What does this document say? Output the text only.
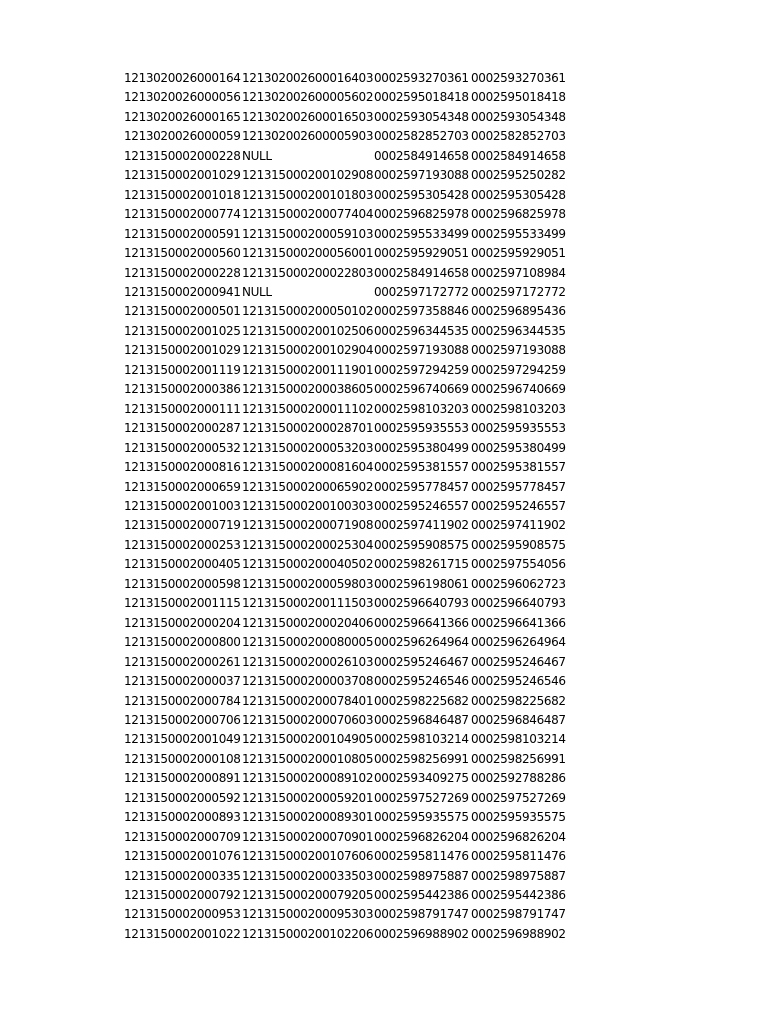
1213020026000164	121302002600016403	0002593270361	0002593270361
1213020026000056	121302002600005602	0002595018418	0002595018418
1213020026000165	121302002600016503	0002593054348	0002593054348
1213020026000059	121302002600005903	0002582852703	0002582852703
1213150002000228	NULL	0002584914658	0002584914658
1213150002001029	121315000200102908	0002597193088	0002595250282
1213150002001018	121315000200101803	0002595305428	0002595305428
1213150002000774	121315000200077404	0002596825978	0002596825978
1213150002000591	121315000200059103	0002595533499	0002595533499
1213150002000560	121315000200056001	0002595929051	0002595929051
1213150002000228	121315000200022803	0002584914658	0002597108984
1213150002000941	NULL	0002597172772	0002597172772
1213150002000501	121315000200050102	0002597358846	0002596895436
1213150002001025	121315000200102506	0002596344535	0002596344535
1213150002001029	121315000200102904	0002597193088	0002597193088
1213150002001119	121315000200111901	0002597294259	0002597294259
1213150002000386	121315000200038605	0002596740669	0002596740669
1213150002000111	121315000200011102	0002598103203	0002598103203
1213150002000287	121315000200028701	0002595935553	0002595935553
1213150002000532	121315000200053203	0002595380499	0002595380499
1213150002000816	121315000200081604	0002595381557	0002595381557
1213150002000659	121315000200065902	0002595778457	0002595778457
1213150002001003	121315000200100303	0002595246557	0002595246557
1213150002000719	121315000200071908	0002597411902	0002597411902
1213150002000253	121315000200025304	0002595908575	0002595908575
1213150002000405	121315000200040502	0002598261715	0002597554056
1213150002000598	121315000200059803	0002596198061	0002596062723
1213150002001115	121315000200111503	0002596640793	0002596640793
1213150002000204	121315000200020406	0002596641366	0002596641366
1213150002000800	121315000200080005	0002596264964	0002596264964
1213150002000261	121315000200026103	0002595246467	0002595246467
1213150002000037	121315000200003708	0002595246546	0002595246546
1213150002000784	121315000200078401	0002598225682	0002598225682
1213150002000706	121315000200070603	0002596846487	0002596846487
1213150002001049	121315000200104905	0002598103214	0002598103214
1213150002000108	121315000200010805	0002598256991	0002598256991
1213150002000891	121315000200089102	0002593409275	0002592788286
1213150002000592	121315000200059201	0002597527269	0002597527269
1213150002000893	121315000200089301	0002595935575	0002595935575
1213150002000709	121315000200070901	0002596826204	0002596826204
1213150002001076	121315000200107606	0002595811476	0002595811476
1213150002000335	121315000200033503	0002598975887	0002598975887
1213150002000792	121315000200079205	0002595442386	0002595442386
1213150002000953	121315000200095303	0002598791747	0002598791747
1213150002001022	121315000200102206	0002596988902	0002596988902
